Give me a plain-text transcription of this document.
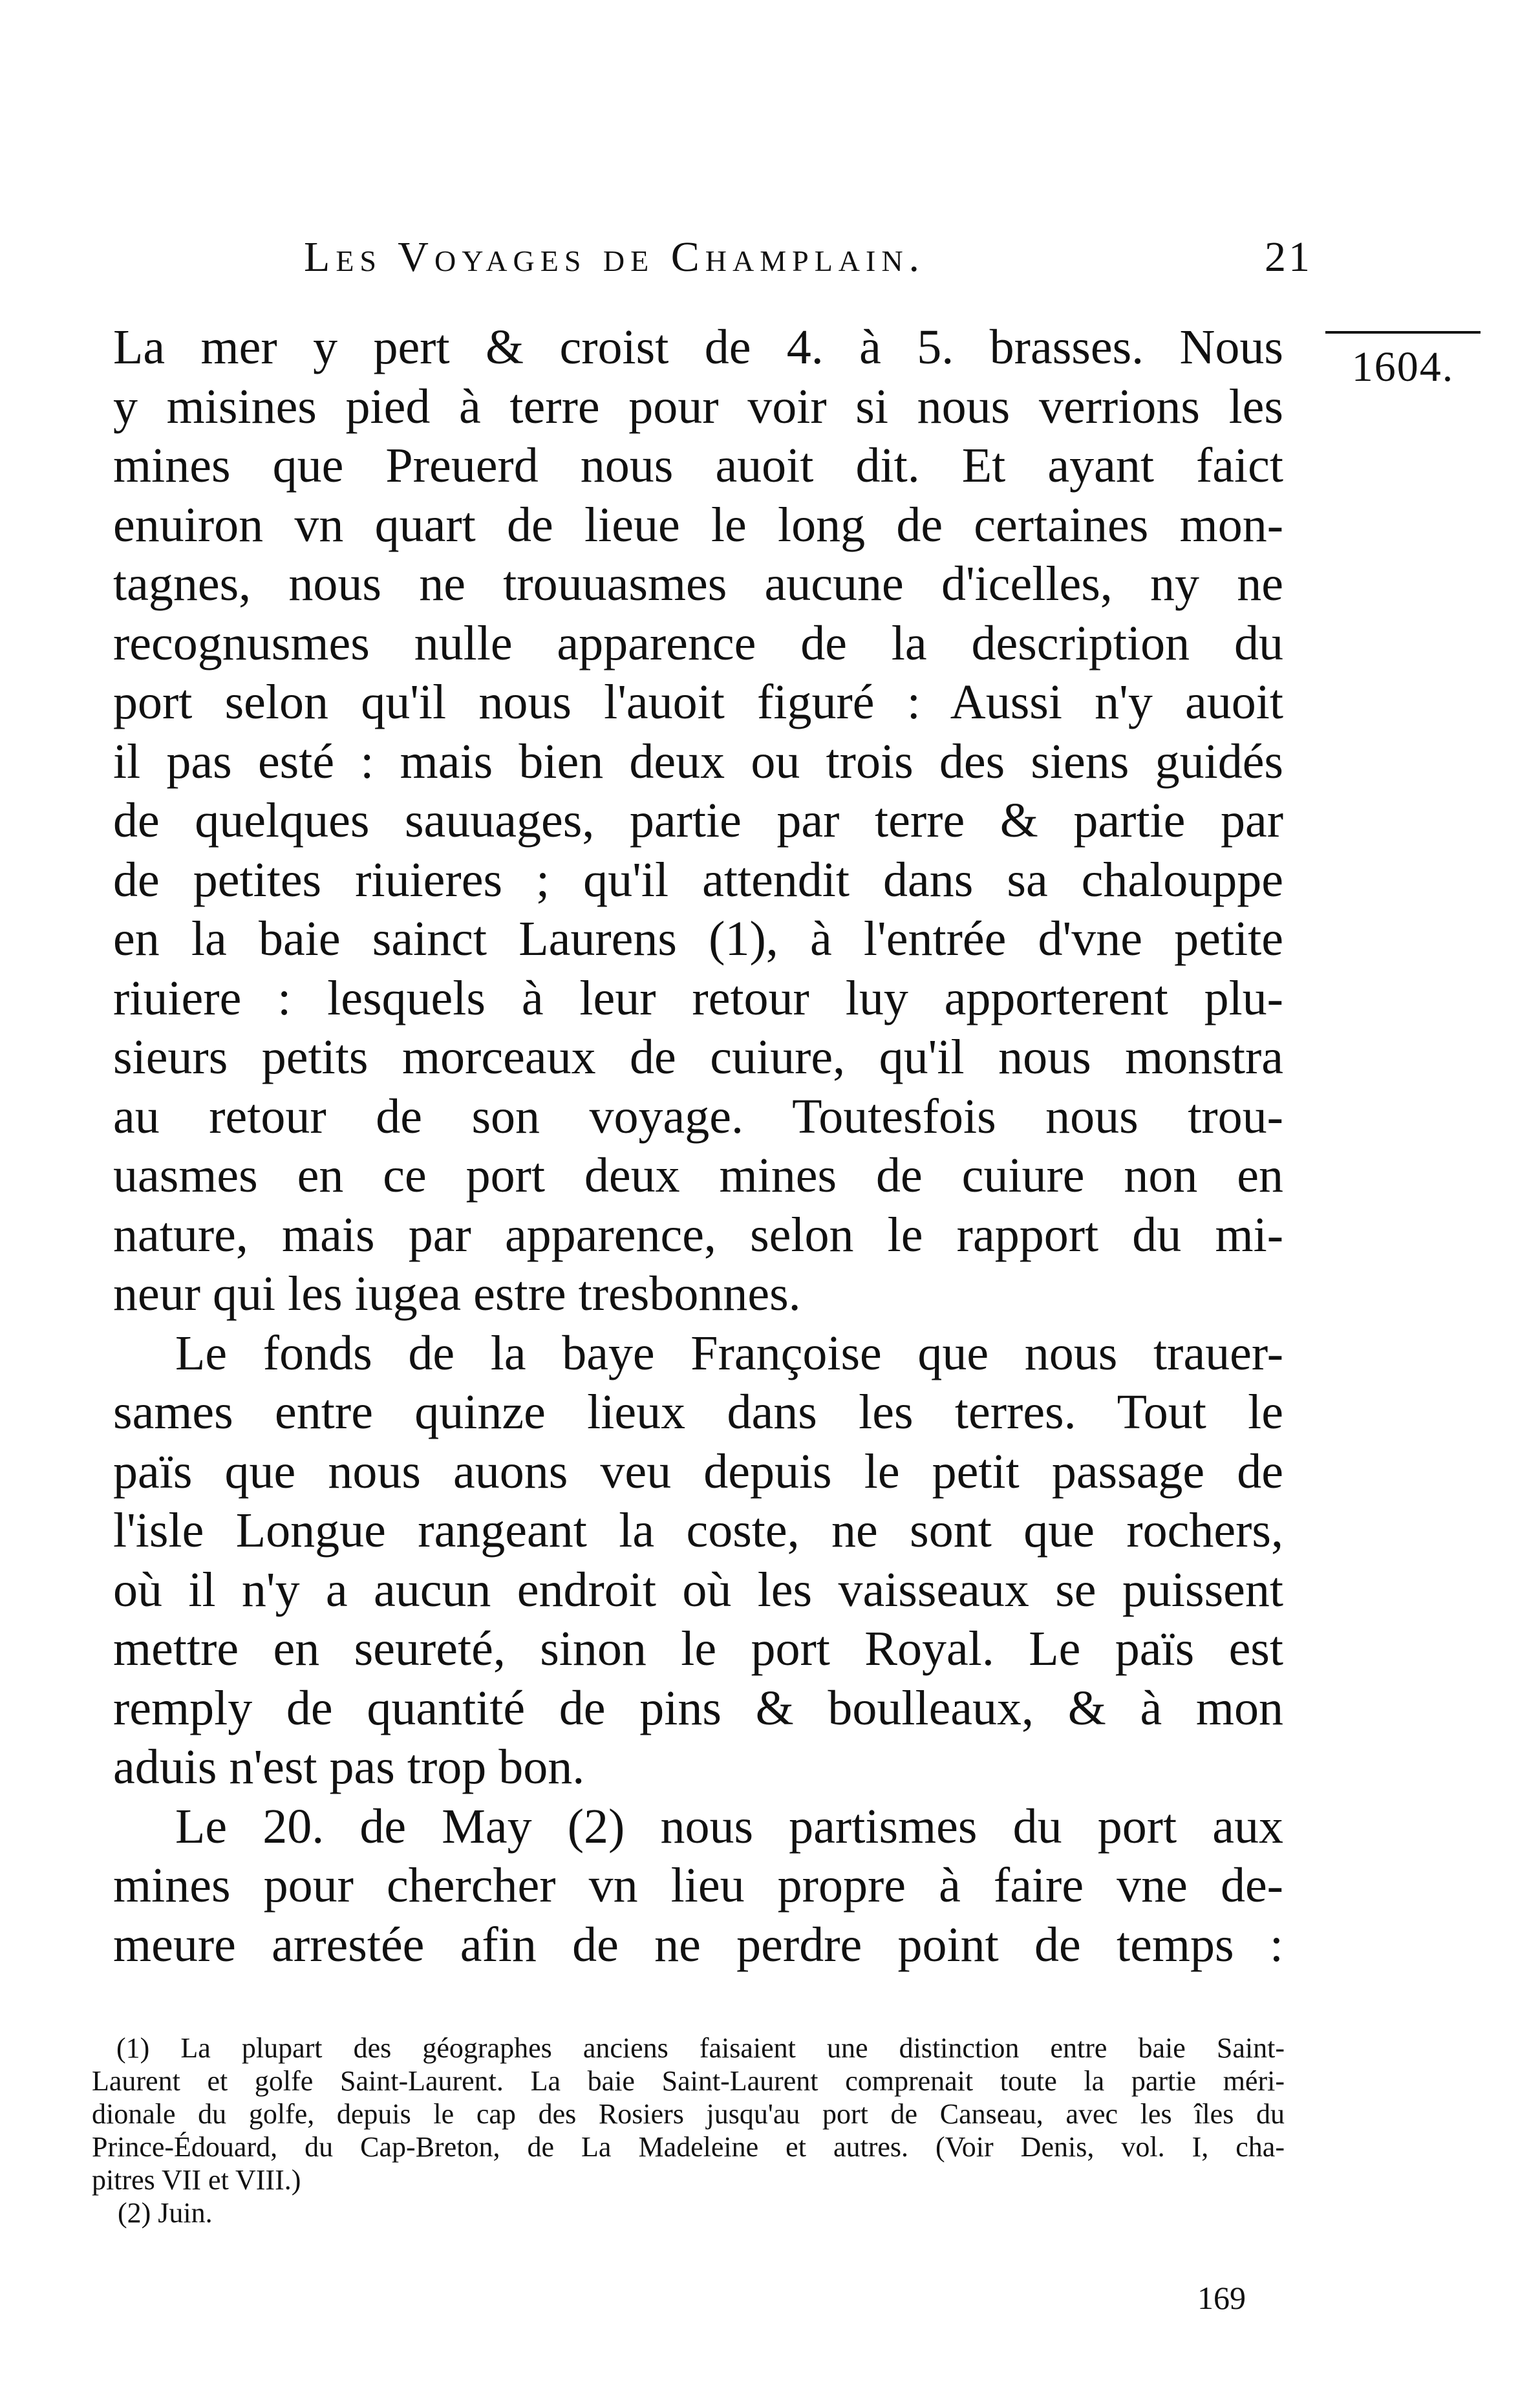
Les Voyages de Champlain.	21
1604.
La mer y pert & croist de 4. à 5. brasses. Nous
y misines pied à terre pour voir si nous verrions les
mines que Preuerd nous auoit dit. Et ayant faict
enuiron vn quart de lieue le long de certaines mon-
tagnes, nous ne trouuasmes aucune d'icelles, ny ne
recognusmes nulle apparence de la description du
port selon qu'il nous l'auoit figuré : Aussi n'y auoit
il pas esté : mais bien deux ou trois des siens guidés
de quelques sauuages, partie par terre & partie par
de petites riuieres ; qu'il attendit dans sa chalouppe
en la baie sainct Laurens (1), à l'entrée d'vne petite
riuiere : lesquels à leur retour luy apporterent plu-
sieurs petits morceaux de cuiure, qu'il nous monstra
au retour de son voyage. Toutesfois nous trou-
uasmes en ce port deux mines de cuiure non en
nature, mais par apparence, selon le rapport du mi-
neur qui les iugea estre tresbonnes.
Le fonds de la baye Françoise que nous trauer-
sames entre quinze lieux dans les terres. Tout le
païs que nous auons veu depuis le petit passage de
l'isle Longue rangeant la coste, ne sont que rochers,
où il n'y a aucun endroit où les vaisseaux se puissent
mettre en seureté, sinon le port Royal. Le païs est
remply de quantité de pins & boulleaux, & à mon
aduis n'est pas trop bon.
Le 20. de May (2) nous partismes du port aux
mines pour chercher vn lieu propre à faire vne de-
meure arrestée afin de ne perdre point de temps :
(1) La plupart des géographes anciens faisaient une distinction entre baie Saint-
Laurent et golfe Saint-Laurent. La baie Saint-Laurent comprenait toute la partie méri-
dionale du golfe, depuis le cap des Rosiers jusqu'au port de Canseau, avec les îles du
Prince-Édouard, du Cap-Breton, de La Madeleine et autres. (Voir Denis, vol. I, cha-
pitres VII et VIII.)
(2) Juin.
169
